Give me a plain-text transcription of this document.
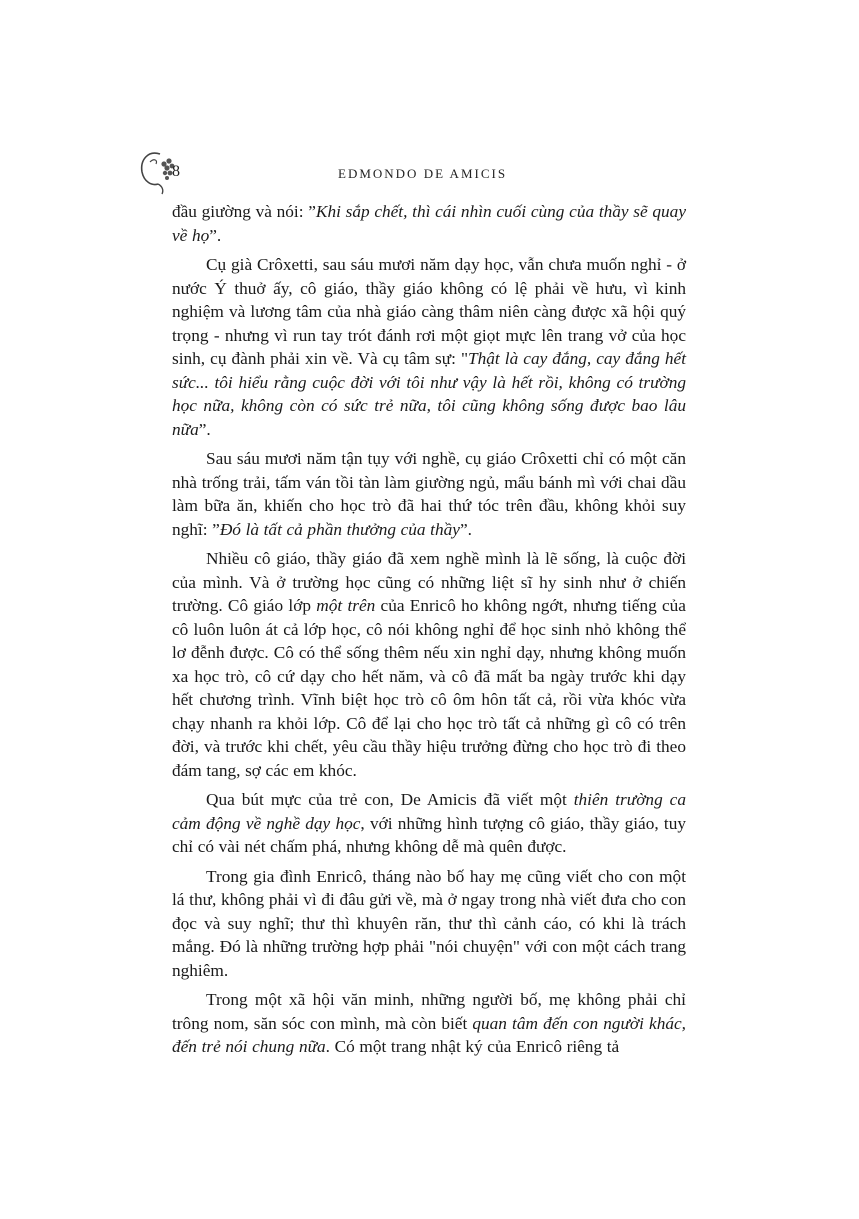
8	EDMONDO DE AMICIS

đầu giường và nói: ”Khi sắp chết, thì cái nhìn cuối cùng của thầy sẽ quay về họ”.

Cụ già Crôxetti, sau sáu mươi năm dạy học, vẫn chưa muốn nghỉ - ở nước Ý thuở ấy, cô giáo, thầy giáo không có lệ phải về hưu, vì kinh nghiệm và lương tâm của nhà giáo càng thâm niên càng được xã hội quý trọng - nhưng vì run tay trót đánh rơi một giọt mực lên trang vở của học sinh, cụ đành phải xin về. Và cụ tâm sự: "Thật là cay đắng, cay đắng hết sức... tôi hiểu rằng cuộc đời với tôi như vậy là hết rồi, không có trường học nữa, không còn có sức trẻ nữa, tôi cũng không sống được bao lâu nữa”.

Sau sáu mươi năm tận tụy với nghề, cụ giáo Crôxetti chỉ có một căn nhà trống trải, tấm ván tồi tàn làm giường ngủ, mẩu bánh mì với chai dầu làm bữa ăn, khiến cho học trò đã hai thứ tóc trên đầu, không khỏi suy nghĩ: ”Đó là tất cả phần thưởng của thầy”.

Nhiều cô giáo, thầy giáo đã xem nghề mình là lẽ sống, là cuộc đời của mình. Và ở trường học cũng có những liệt sĩ hy sinh như ở chiến trường. Cô giáo lớp một trên của Enricô ho không ngớt, nhưng tiếng của cô luôn luôn át cả lớp học, cô nói không nghỉ để học sinh nhỏ không thể lơ đễnh được. Cô có thể sống thêm nếu xin nghỉ dạy, nhưng không muốn xa học trò, cô cứ dạy cho hết năm, và cô đã mất ba ngày trước khi dạy hết chương trình. Vĩnh biệt học trò cô ôm hôn tất cả, rồi vừa khóc vừa chạy nhanh ra khỏi lớp. Cô để lại cho học trò tất cả những gì cô có trên đời, và trước khi chết, yêu cầu thầy hiệu trưởng đừng cho học trò đi theo đám tang, sợ các em khóc.

Qua bút mực của trẻ con, De Amicis đã viết một thiên trường ca cảm động về nghề dạy học, với những hình tượng cô giáo, thầy giáo, tuy chỉ có vài nét chấm phá, nhưng không dễ mà quên được.

Trong gia đình Enricô, tháng nào bố hay mẹ cũng viết cho con một lá thư, không phải vì đi đâu gửi về, mà ở ngay trong nhà viết đưa cho con đọc và suy nghĩ; thư thì khuyên răn, thư thì cảnh cáo, có khi là trách mắng. Đó là những trường hợp phải "nói chuyện" với con một cách trang nghiêm.

Trong một xã hội văn minh, những người bố, mẹ không phải chỉ trông nom, săn sóc con mình, mà còn biết quan tâm đến con người khác, đến trẻ nói chung nữa. Có một trang nhật ký của Enricô riêng tả
